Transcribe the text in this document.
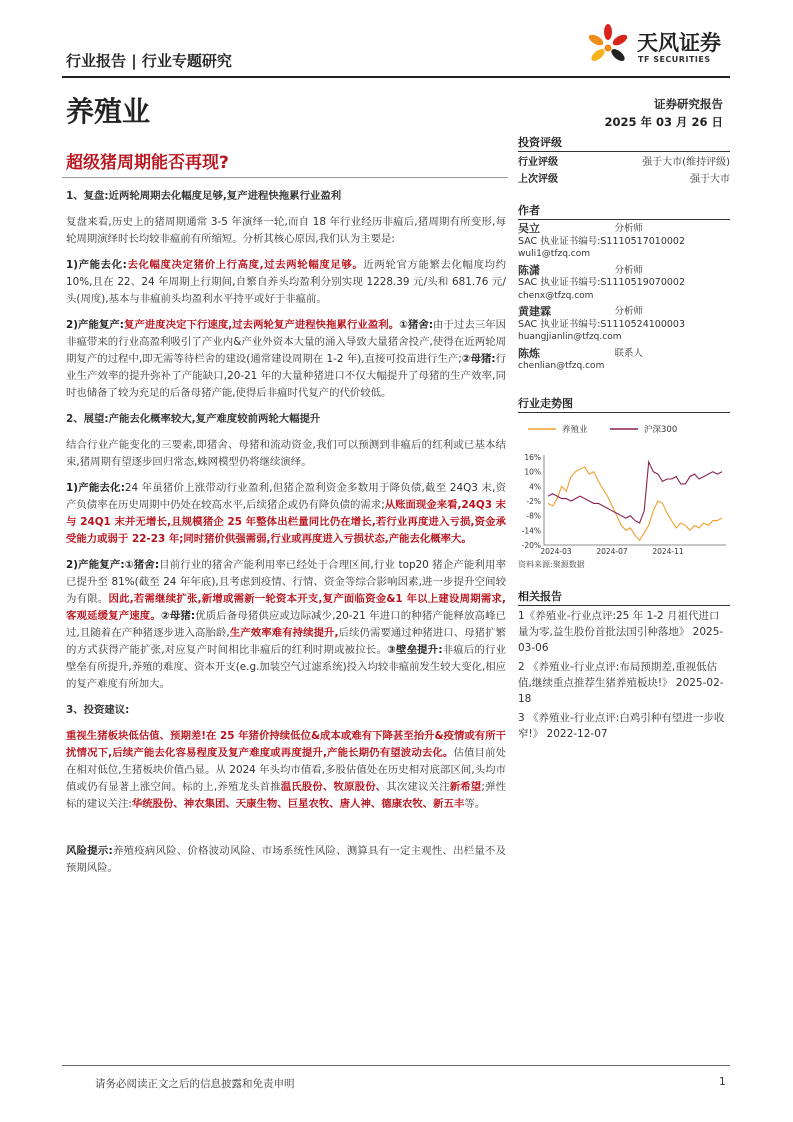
行业报告 | 行业专题研究
天风证券
TF SECURITIES
养殖业	证券研究报告
2025 年 03 月 26 日
超级猪周期能否再现?

1、复盘:近两轮周期去化幅度足够,复产进程快拖累行业盈利

复盘来看,历史上的猪周期通常 3-5 年演绎一轮,而自 18 年行业经历非瘟后,猪周期有所变形,每轮周期演绎时长均较非瘟前有所缩短。分析其核心原因,我们认为主要是:

1)产能去化:去化幅度决定猪价上行高度,过去两轮幅度足够。近两轮官方能繁去化幅度均约 10%,且在 22、24 年周期上行期间,自繁自养头均盈利分别实现 1228.39 元/头和 681.76 元/头(周度),基本与非瘟前头均盈利水平持平或好于非瘟前。

2)产能复产:复产进度决定下行速度,过去两轮复产进程快拖累行业盈利。①猪舍:由于过去三年因非瘟带来的行业高盈利吸引了产业内&产业外资本大量的涌入导致大量猪舍投产,使得在近两轮周期复产的过程中,即无需等待栏舍的建设(通常建设周期在 1-2 年),直接可投苗进行生产;②母猪:行业生产效率的提升弥补了产能缺口,20-21 年的大量种猪进口不仅大幅提升了母猪的生产效率,同时也储备了较为充足的后备母猪产能,使得后非瘟时代复产的代价较低。

2、展望:产能去化概率较大,复产难度较前两轮大幅提升

结合行业产能变化的三要素,即猪舍、母猪和流动资金,我们可以预测到非瘟后的红利或已基本结束,猪周期有望逐步回归常态,蛛网模型仍将继续演绎。

1)产能去化:24 年虽猪价上涨带动行业盈利,但猪企盈利资金多数用于降负债,截至 24Q3 末,资产负债率在历史周期中仍处在较高水平,后续猪企或仍有降负债的需求;从账面现金来看,24Q3 末与 24Q1 末并无增长,且规模猪企 25 年整体出栏量同比仍在增长,若行业再度进入亏损,资金承受能力或弱于 22-23 年;同时猪价供强需弱,行业或再度进入亏损状态,产能去化概率大。

2)产能复产:①猪舍:目前行业的猪舍产能利用率已经处于合理区间,行业 top20 猪企产能利用率已提升至 81%(截至 24 年年底),且考虑到疫情、行情、资金等综合影响因素,进一步提升空间较为有限。因此,若需继续扩张,新增或需新一轮资本开支,复产面临资金&1 年以上建设周期需求,客观延缓复产速度。②母猪:优质后备母猪供应或边际减少,20-21 年进口的种猪产能释放高峰已过,且随着在产种猪逐步进入高胎龄,生产效率难有持续提升,后续仍需要通过种猪进口、母猪扩繁的方式获得产能扩张,对应复产时间相比非瘟后的红利时期或被拉长。③壁垒提升:非瘟后的行业壁垒有所提升,养殖的难度、资本开支(e.g.加装空气过滤系统)投入均较非瘟前发生较大变化,相应的复产难度有所加大。

3、投资建议:

重视生猪板块低估值、预期差!在 25 年猪价持续低位&成本或难有下降甚至抬升&疫情或有所干扰情况下,后续产能去化容易程度及复产难度或再度提升,产能长期仍有望波动去化。估值目前处在相对低位,生猪板块价值凸显。从 2024 年头均市值看,多股估值处在历史相对底部区间,头均市值或仍有显著上涨空间。标的上,养殖龙头首推温氏股份、牧原股份、其次建议关注新希望;弹性标的建议关注:华统股份、神农集团、天康生物、巨星农牧、唐人神、德康农牧、新五丰等。

风险提示:养殖疫病风险、价格波动风险、市场系统性风险、测算具有一定主观性、出栏量不及预期风险。

投资评级
行业评级	强于大市(维持评级)
上次评级	强于大市
作者
吴立	分析师
SAC 执业证书编号:S1110517010002
wuli1@tfzq.com
陈潇	分析师
SAC 执业证书编号:S1110519070002
chenx@tfzq.com
黄建霖	分析师
SAC 执业证书编号:S1110524100003
huangjianlin@tfzq.com
陈炼	联系人
chenlian@tfzq.com
行业走势图
养殖业	沪深300
16%
10%
4%
-2%
-8%
-14%
-20%
2024-03	2024-07	2024-11
资料来源:聚源数据
相关报告
1《养殖业-行业点评:25 年 1-2 月祖代进口量为零,益生股份首批法国引种落地》 2025-03-06
2 《养殖业-行业点评:布局预期差,重视低估值,继续重点推荐生猪养殖板块!》 2025-02-18
3 《养殖业-行业点评:白鸡引种有望进一步收窄!》 2022-12-07
请务必阅读正文之后的信息披露和免责申明	1
